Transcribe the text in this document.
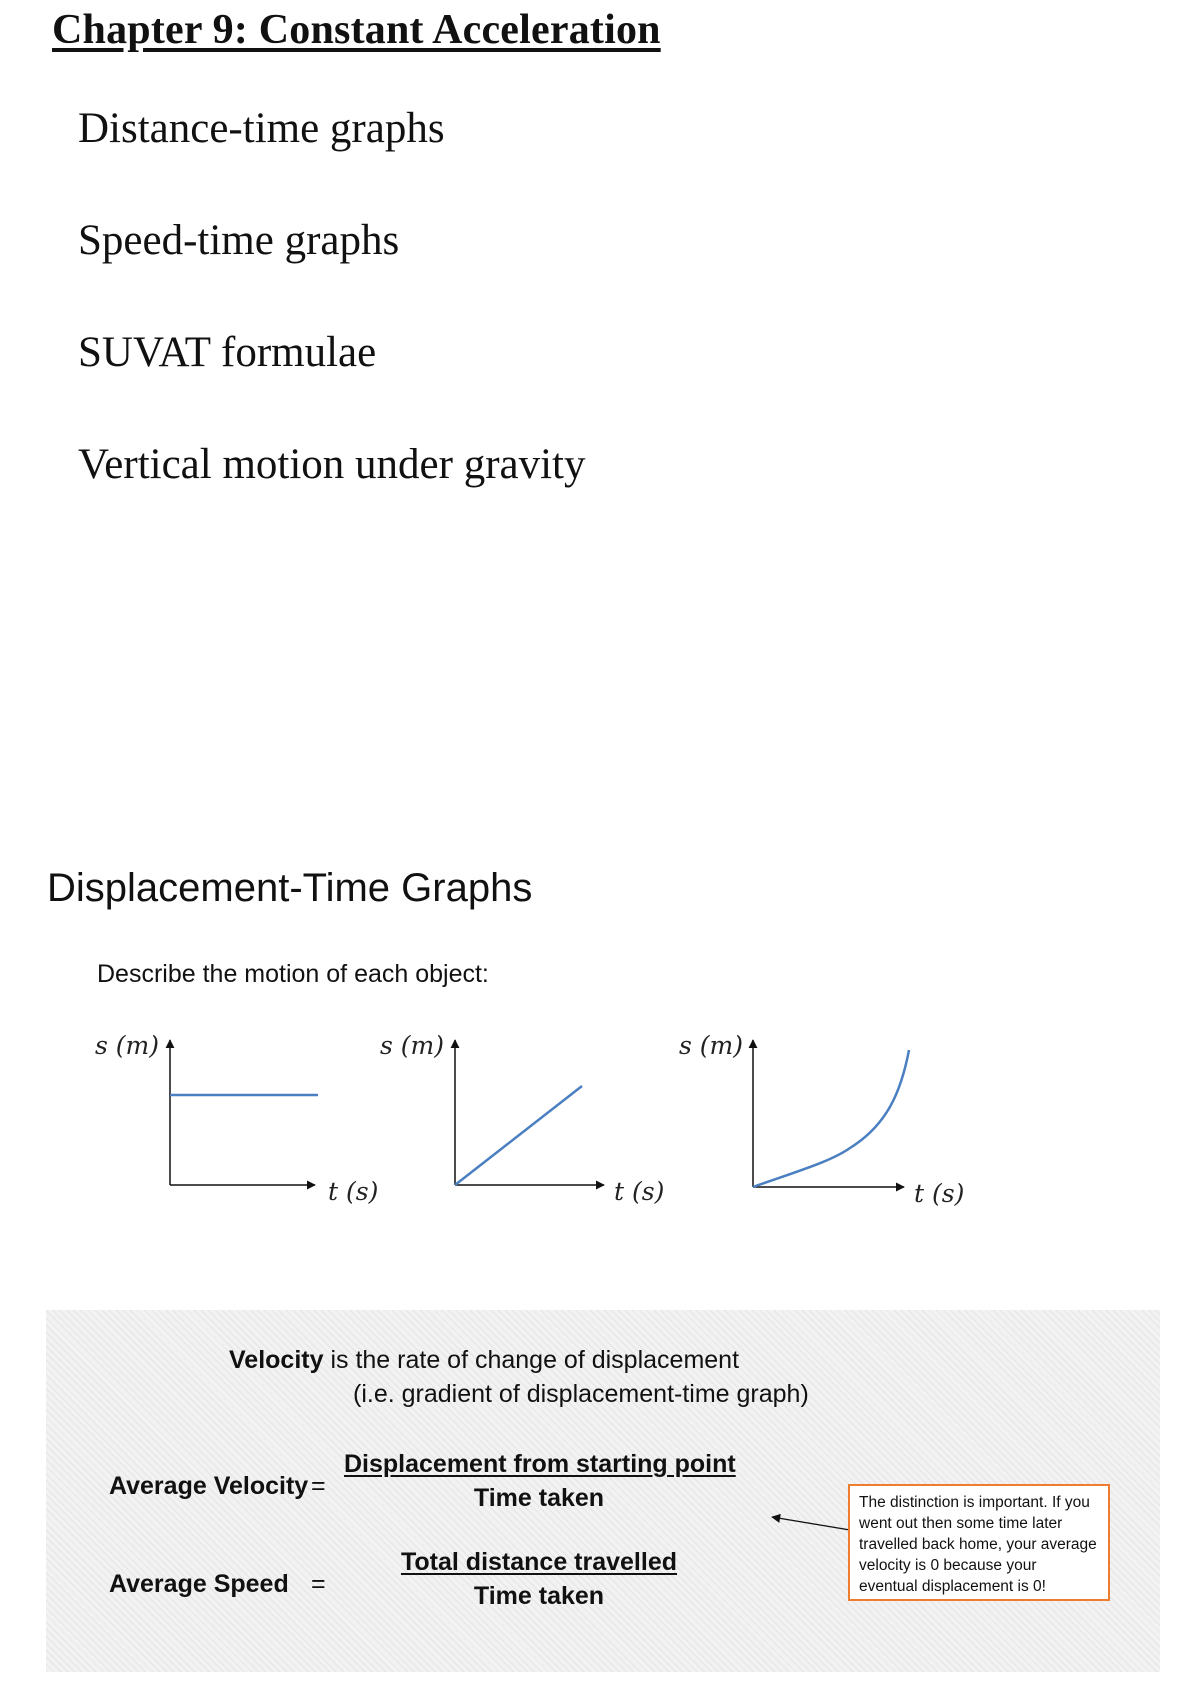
Chapter 9: Constant Acceleration

Distance-time graphs

Speed-time graphs

SUVAT formulae

Vertical motion under gravity

Displacement-Time Graphs

Describe the motion of each object:

s (m)
t (s)
s (m)
t (s)
s (m)
t (s)

Velocity is the rate of change of displacement

(i.e. gradient of displacement-time graph)

Average Velocity =

Displacement from starting point

Time taken

Average Speed =

Total distance travelled

Time taken

The distinction is important. If you went out then some time later travelled back home, your average velocity is 0 because your eventual displacement is 0!
